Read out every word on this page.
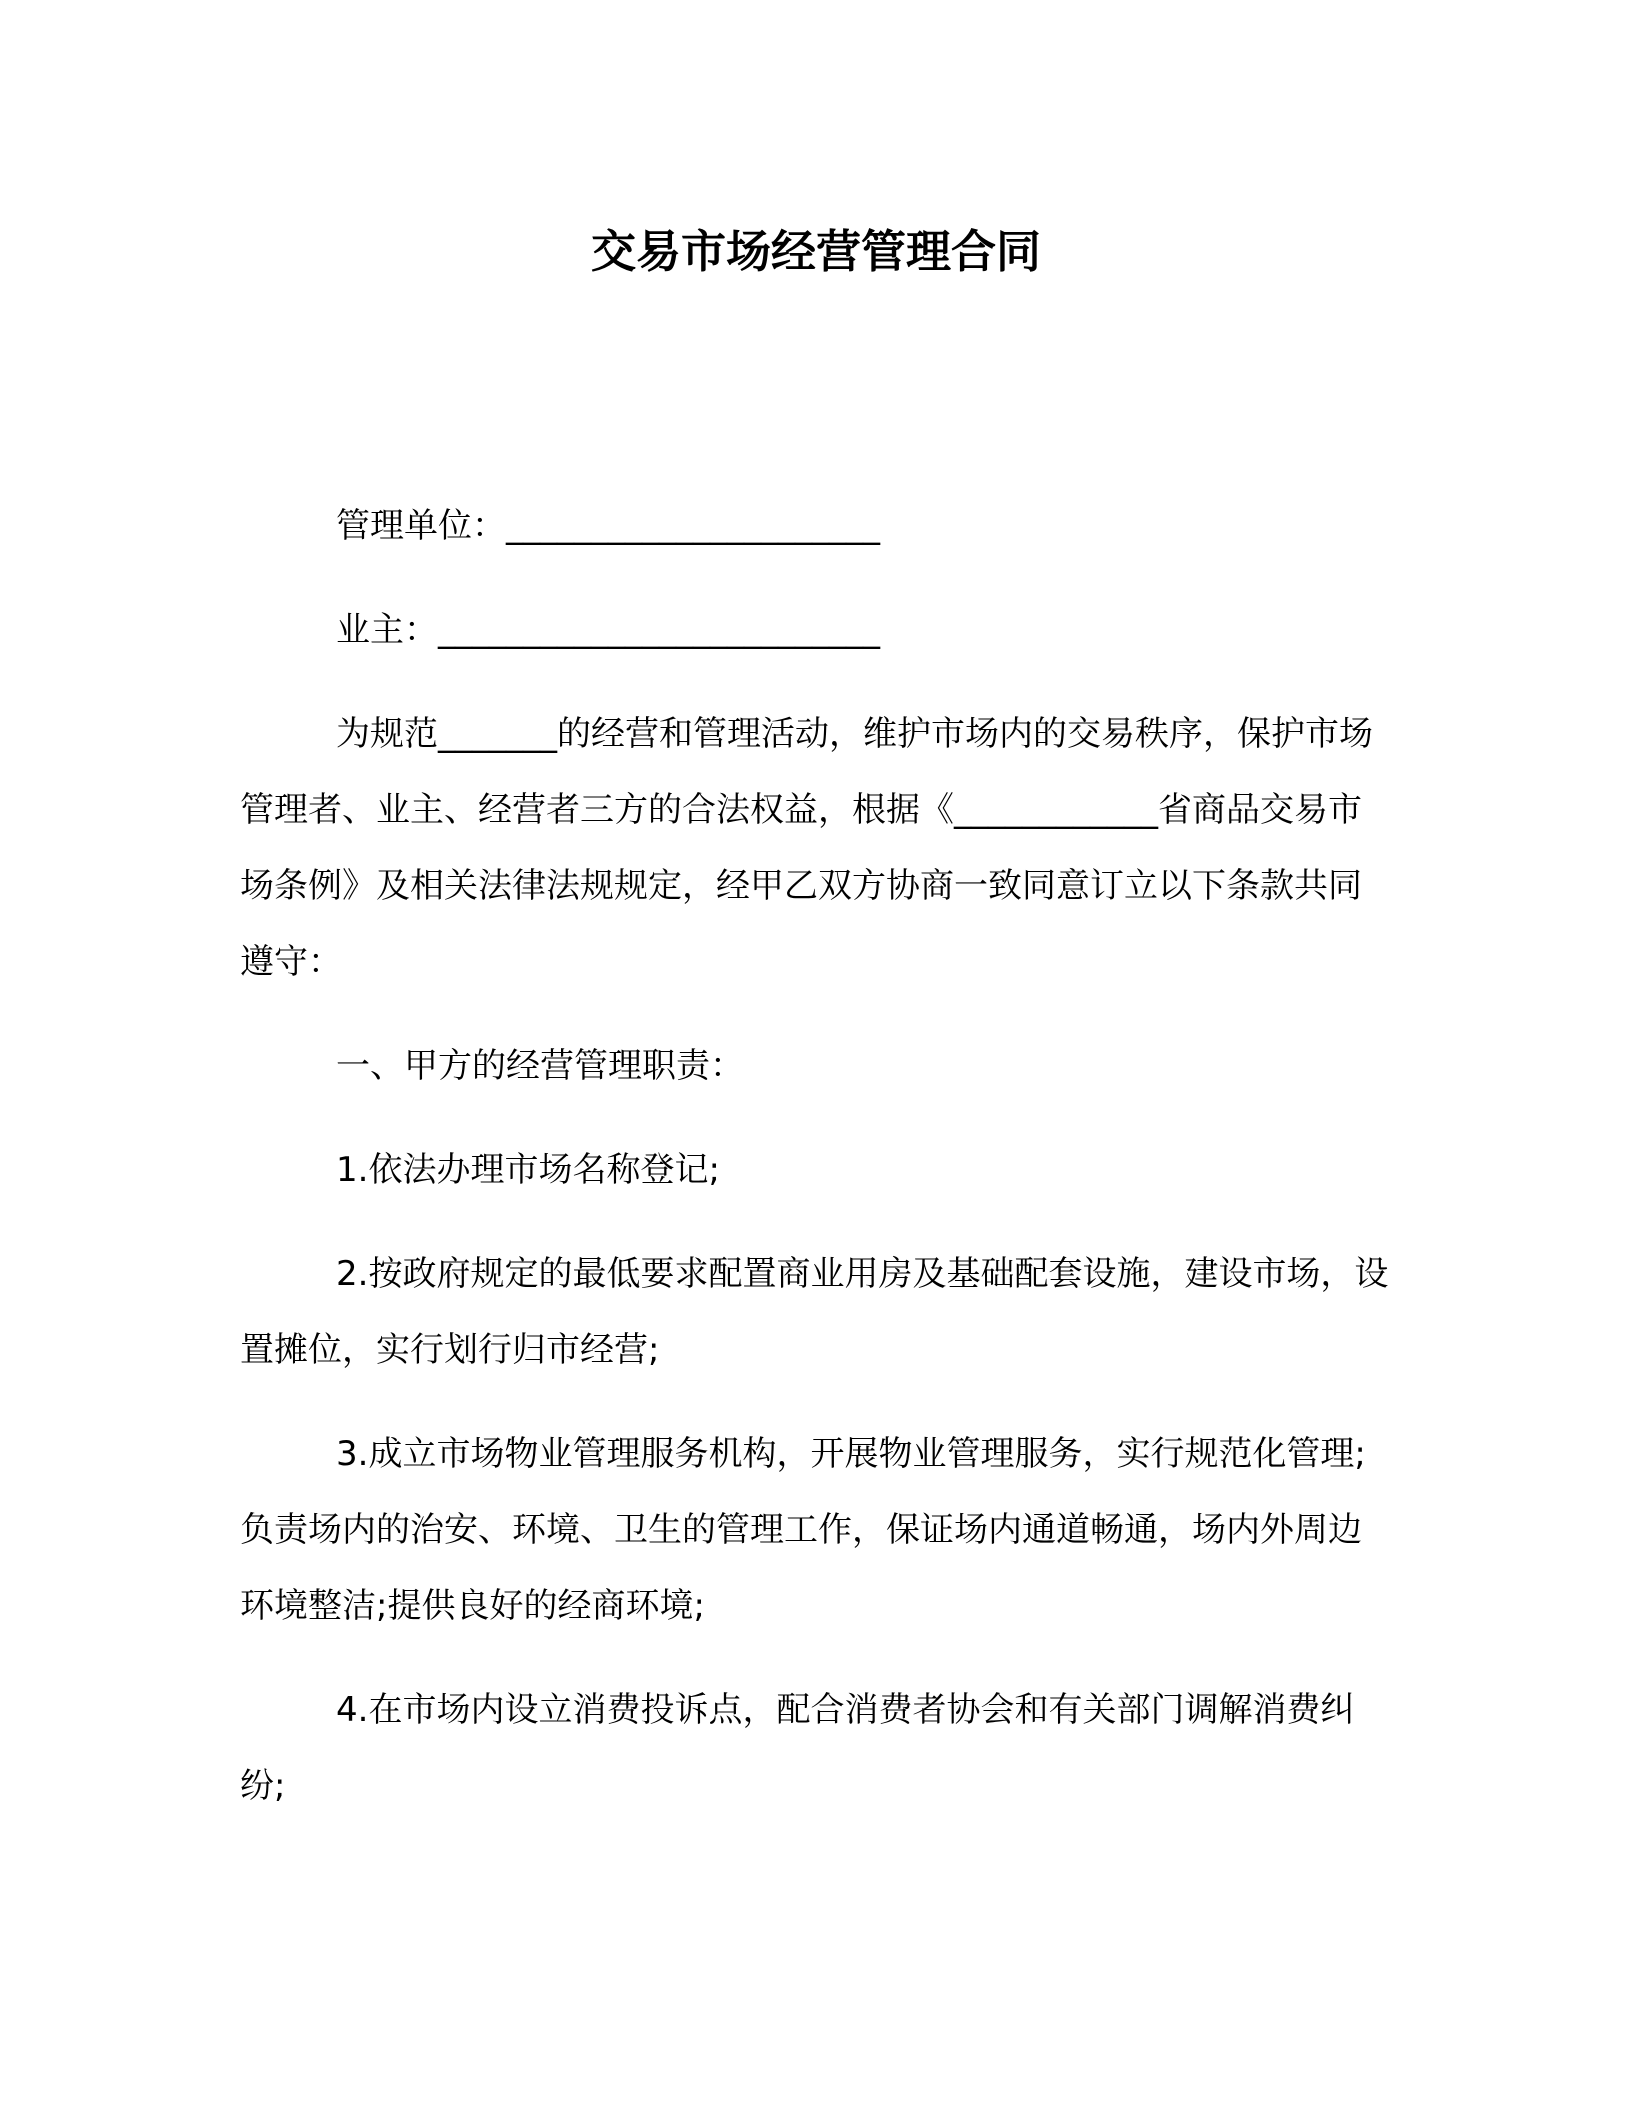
交易市场经营管理合同

管理单位：______________________

业主：__________________________

为规范_______的经营和管理活动，维护市场内的交易秩序，保护市场管理者、业主、经营者三方的合法权益，根据《____________省商品交易市场条例》及相关法律法规规定，经甲乙双方协商一致同意订立以下条款共同遵守：

一、甲方的经营管理职责：

1.依法办理市场名称登记;

2.按政府规定的最低要求配置商业用房及基础配套设施，建设市场，设置摊位，实行划行归市经营;

3.成立市场物业管理服务机构，开展物业管理服务，实行规范化管理;负责场内的治安、环境、卫生的管理工作，保证场内通道畅通，场内外周边环境整洁;提供良好的经商环境;

4.在市场内设立消费投诉点，配合消费者协会和有关部门调解消费纠纷;
